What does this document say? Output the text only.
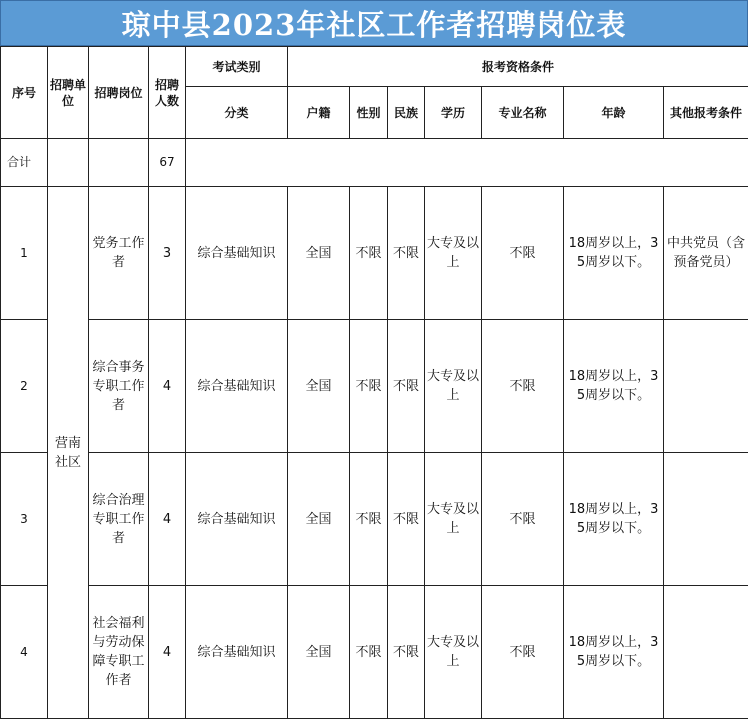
琼中县2023年社区工作者招聘岗位表
序号	招聘单位	招聘岗位	招聘人数	考试类别	报考资格条件						
				分类	户籍	性别	民族	学历	专业名称	年龄	其他报考条件
合计			67								
1	营南社区	党务工作者	3	综合基础知识	全国	不限	不限	大专及以上	不限	18周岁以上，35周岁以下。	中共党员（含预备党员）
2		综合事务专职工作者	4	综合基础知识	全国	不限	不限	大专及以上	不限	18周岁以上，35周岁以下。	
3		综合治理专职工作者	4	综合基础知识	全国	不限	不限	大专及以上	不限	18周岁以上，35周岁以下。	
4		社会福利与劳动保障专职工作者	4	综合基础知识	全国	不限	不限	大专及以上	不限	18周岁以上，35周岁以下。	
